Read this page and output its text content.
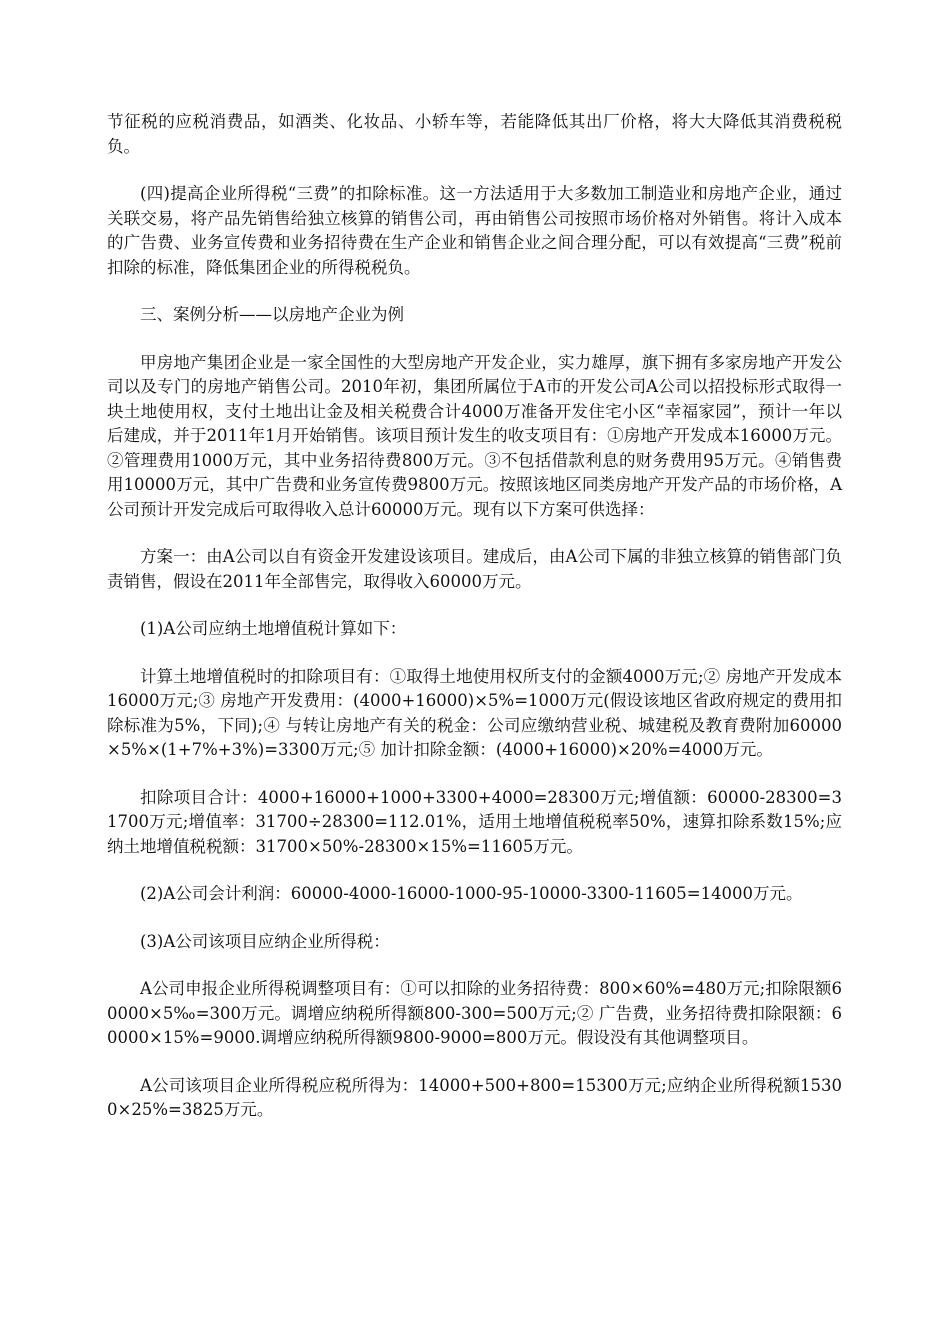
节征税的应税消费品，如酒类、化妆品、小轿车等，若能降低其出厂价格，将大大降低其消费税税负。

(四)提高企业所得税“三费”的扣除标准。这一方法适用于大多数加工制造业和房地产企业，通过关联交易，将产品先销售给独立核算的销售公司，再由销售公司按照市场价格对外销售。将计入成本的广告费、业务宣传费和业务招待费在生产企业和销售企业之间合理分配，可以有效提高“三费”税前扣除的标准，降低集团企业的所得税税负。

三、案例分析——以房地产企业为例

甲房地产集团企业是一家全国性的大型房地产开发企业，实力雄厚，旗下拥有多家房地产开发公司以及专门的房地产销售公司。2010年初，集团所属位于A市的开发公司A公司以招投标形式取得一块土地使用权，支付土地出让金及相关税费合计4000万准备开发住宅小区“幸福家园”，预计一年以后建成，并于2011年1月开始销售。该项目预计发生的收支项目有：①房地产开发成本16000万元。②管理费用1000万元，其中业务招待费800万元。③不包括借款利息的财务费用95万元。④销售费用10000万元，其中广告费和业务宣传费9800万元。按照该地区同类房地产开发产品的市场价格，A公司预计开发完成后可取得收入总计60000万元。现有以下方案可供选择：

方案一：由A公司以自有资金开发建设该项目。建成后，由A公司下属的非独立核算的销售部门负责销售，假设在2011年全部售完，取得收入60000万元。

(1)A公司应纳土地增值税计算如下：

计算土地增值税时的扣除项目有：①取得土地使用权所支付的金额4000万元;② 房地产开发成本16000万元;③ 房地产开发费用：(4000+16000)×5%=1000万元(假设该地区省政府规定的费用扣除标准为5%，下同);④ 与转让房地产有关的税金：公司应缴纳营业税、城建税及教育费附加60000×5%×(1+7%+3%)=3300万元;⑤ 加计扣除金额：(4000+16000)×20%=4000万元。

扣除项目合计：4000+16000+1000+3300+4000=28300万元;增值额：60000-28300=31700万元;增值率：31700÷28300=112.01%，适用土地增值税税率50%，速算扣除系数15%;应纳土地增值税税额：31700×50%-28300×15%=11605万元。

(2)A公司会计利润：60000-4000-16000-1000-95-10000-3300-11605=14000万元。

(3)A公司该项目应纳企业所得税：

A公司申报企业所得税调整项目有：①可以扣除的业务招待费：800×60%=480万元;扣除限额60000×5‰=300万元。调增应纳税所得额800-300=500万元;② 广告费，业务招待费扣除限额：60000×15%=9000.调增应纳税所得额9800-9000=800万元。假设没有其他调整项目。

A公司该项目企业所得税应税所得为：14000+500+800=15300万元;应纳企业所得税额15300×25%=3825万元。
